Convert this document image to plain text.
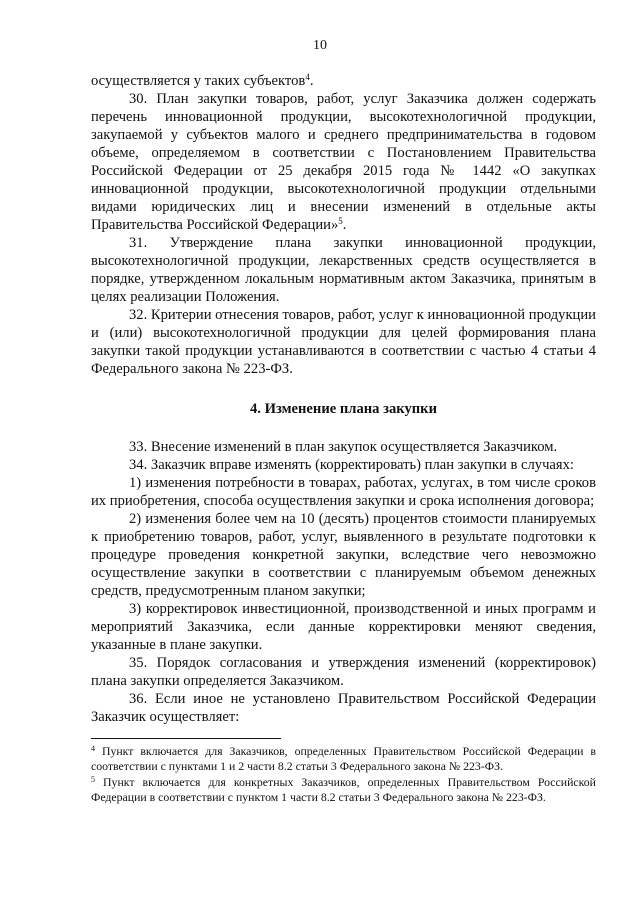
10

осуществляется у таких субъектов$^4$.

30. План закупки товаров, работ, услуг Заказчика должен содержать перечень инновационной продукции, высокотехнологичной продукции, закупаемой у субъектов малого и среднего предпринимательства в годовом объеме, определяемом в соответствии с Постановлением Правительства Российской Федерации от 25 декабря 2015 года № 1442 «О закупках инновационной продукции, высокотехнологичной продукции отдельными видами юридических лиц и внесении изменений в отдельные акты Правительства Российской Федерации»$^5$.

31. Утверждение плана закупки инновационной продукции, высокотехнологичной продукции, лекарственных средств осуществляется в порядке, утвержденном локальным нормативным актом Заказчика, принятым в целях реализации Положения.

32. Критерии отнесения товаров, работ, услуг к инновационной продукции и (или) высокотехнологичной продукции для целей формирования плана закупки такой продукции устанавливаются в соответствии с частью 4 статьи 4 Федерального закона № 223-ФЗ.

4. Изменение плана закупки

33. Внесение изменений в план закупок осуществляется Заказчиком.

34. Заказчик вправе изменять (корректировать) план закупки в случаях:

1) изменения потребности в товарах, работах, услугах, в том числе сроков их приобретения, способа осуществления закупки и срока исполнения договора;

2) изменения более чем на 10 (десять) процентов стоимости планируемых к приобретению товаров, работ, услуг, выявленного в результате подготовки к процедуре проведения конкретной закупки, вследствие чего невозможно осуществление закупки в соответствии с планируемым объемом денежных средств, предусмотренным планом закупки;

3) корректировок инвестиционной, производственной и иных программ и мероприятий Заказчика, если данные корректировки меняют сведения, указанные в плане закупки.

35. Порядок согласования и утверждения изменений (корректировок) плана закупки определяется Заказчиком.

36. Если иное не установлено Правительством Российской Федерации Заказчик осуществляет:

$^4$ Пункт включается для Заказчиков, определенных Правительством Российской Федерации в соответствии с пунктами 1 и 2 части 8.2 статьи 3 Федерального закона № 223-ФЗ.

$^5$ Пункт включается для конкретных Заказчиков, определенных Правительством Российской Федерации в соответствии с пунктом 1 части 8.2 статьи 3 Федерального закона № 223-ФЗ.
